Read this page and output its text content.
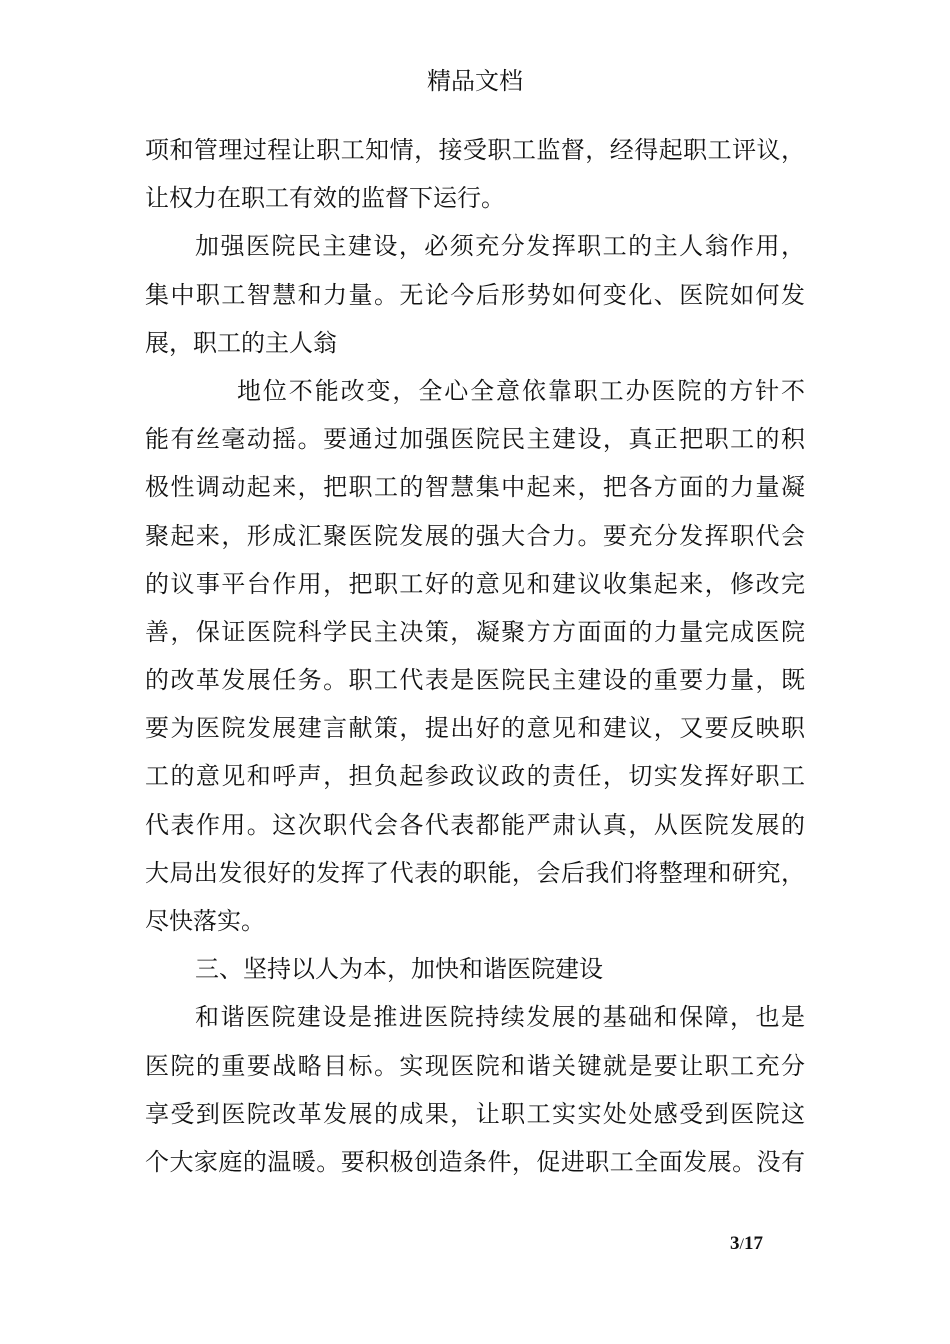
精品文档
项和管理过程让职工知情，接受职工监督，经得起职工评议，
让权力在职工有效的监督下运行。
加强医院民主建设，必须充分发挥职工的主人翁作用，
集中职工智慧和力量。无论今后形势如何变化、医院如何发
展，职工的主人翁
地位不能改变，全心全意依靠职工办医院的方针不
能有丝毫动摇。要通过加强医院民主建设，真正把职工的积
极性调动起来，把职工的智慧集中起来，把各方面的力量凝
聚起来，形成汇聚医院发展的强大合力。要充分发挥职代会
的议事平台作用，把职工好的意见和建议收集起来，修改完
善，保证医院科学民主决策，凝聚方方面面的力量完成医院
的改革发展任务。职工代表是医院民主建设的重要力量，既
要为医院发展建言献策，提出好的意见和建议，又要反映职
工的意见和呼声，担负起参政议政的责任，切实发挥好职工
代表作用。这次职代会各代表都能严肃认真，从医院发展的
大局出发很好的发挥了代表的职能，会后我们将整理和研究，
尽快落实。
三、坚持以人为本，加快和谐医院建设
和谐医院建设是推进医院持续发展的基础和保障，也是
医院的重要战略目标。实现医院和谐关键就是要让职工充分
享受到医院改革发展的成果，让职工实实处处感受到医院这
个大家庭的温暖。要积极创造条件，促进职工全面发展。没有
3/17
